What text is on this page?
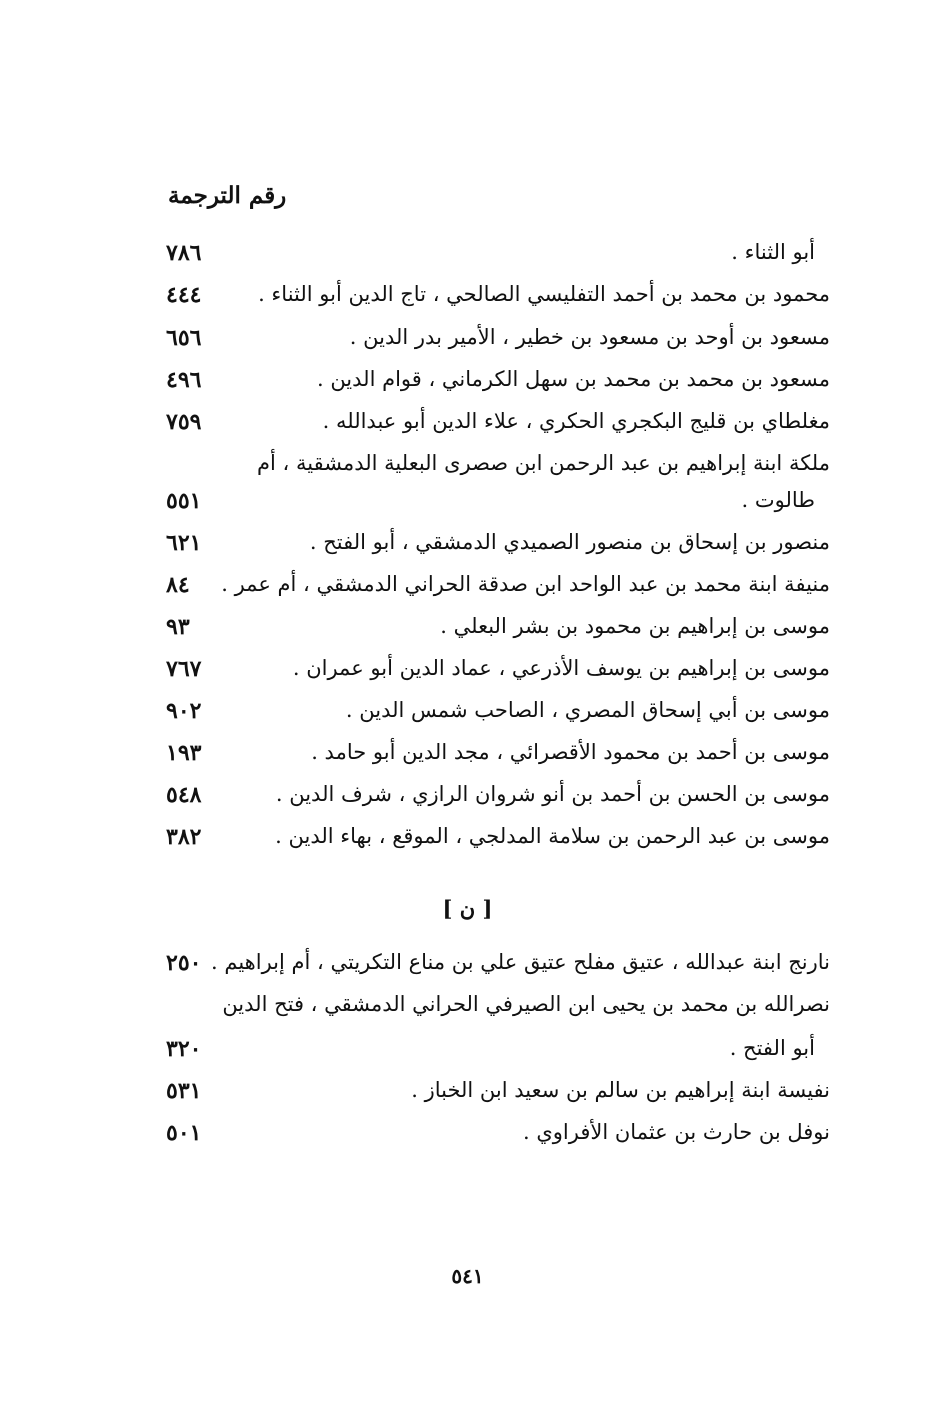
رقم الترجمة
٧٨٦	أبو الثناء .
٤٤٤	محمود بن محمد بن أحمد التفليسي الصالحي ، تاج الدين أبو الثناء .
٦٥٦	مسعود بن أوحد بن مسعود بن خطير ، الأمير بدر الدين .
٤٩٦	مسعود بن محمد بن محمد بن سهل الكرماني ، قوام الدين .
٧٥٩	مغلطاي بن قليج البكجري الحكري ، علاء الدين أبو عبدالله .
ملكة ابنة إبراهيم بن عبد الرحمن ابن صصرى البعلية الدمشقية ، أم
٥٥١	طالوت .
٦٢١	منصور بن إسحاق بن منصور الصميدي الدمشقي ، أبو الفتح .
٨٤	منيفة ابنة محمد بن عبد الواحد ابن صدقة الحراني الدمشقي ، أم عمر .
٩٣	موسى بن إبراهيم بن محمود بن بشر البعلي .
٧٦٧	موسى بن إبراهيم بن يوسف الأذرعي ، عماد الدين أبو عمران .
٩٠٢	موسى بن أبي إسحاق المصري ، الصاحب شمس الدين .
١٩٣	موسى بن أحمد بن محمود الأقصرائي ، مجد الدين أبو حامد .
٥٤٨	موسى بن الحسن بن أحمد بن أنو شروان الرازي ، شرف الدين .
٣٨٢	موسى بن عبد الرحمن بن سلامة المدلجي ، الموقع ، بهاء الدين .
[ ن ]
٢٥٠ نارنج ابنة عبدالله ، عتيق مفلح عتيق علي بن مناع التكريتي ، أم إبراهيم .
نصرالله بن محمد بن يحيى ابن الصيرفي الحراني الدمشقي ، فتح الدين
٣٢٠	أبو الفتح .
٥٣١	نفيسة ابنة إبراهيم بن سالم بن سعيد ابن الخباز .
٥٠١	نوفل بن حارث بن عثمان الأفراوي .
٥٤١
